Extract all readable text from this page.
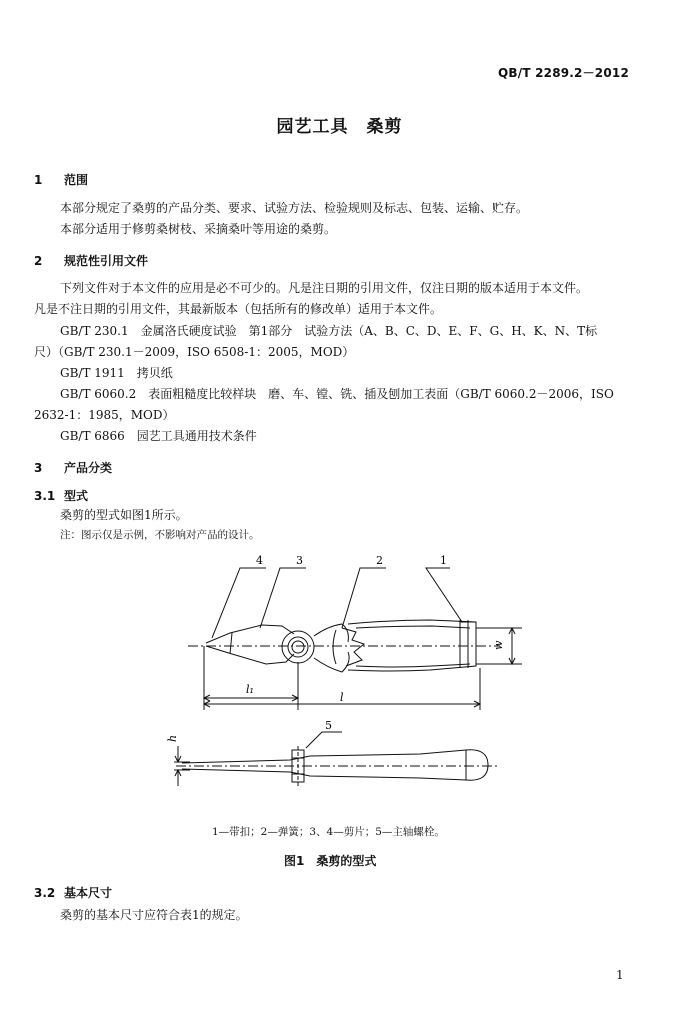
QB/T 2289.2－2012
园艺工具　桑剪
1 范围
本部分规定了桑剪的产品分类、要求、试验方法、检验规则及标志、包装、运输、贮存。
本部分适用于修剪桑树枝、采摘桑叶等用途的桑剪。
2 规范性引用文件
下列文件对于本文件的应用是必不可少的。凡是注日期的引用文件，仅注日期的版本适用于本文件。
凡是不注日期的引用文件，其最新版本（包括所有的修改单）适用于本文件。
GB/T 230.1　金属洛氏硬度试验　第1部分　试验方法（A、B、C、D、E、F、G、H、K、N、T标
尺）（GB/T 230.1－2009，ISO 6508-1：2005，MOD）
GB/T 1911　拷贝纸
GB/T 6060.2　表面粗糙度比较样块　磨、车、镗、铣、插及刨加工表面（GB/T 6060.2－2006，ISO
2632-1：1985，MOD）
GB/T 6866　园艺工具通用技术条件
3 产品分类
3.1 型式
桑剪的型式如图1所示。
注：图示仅是示例，不影响对产品的设计。
4	3	2	1
5
l₁
l
w
h
1—带扣；2—弹簧；3、4—剪片；5—主轴螺栓。
图1　桑剪的型式
3.2 基本尺寸
桑剪的基本尺寸应符合表1的规定。
1
